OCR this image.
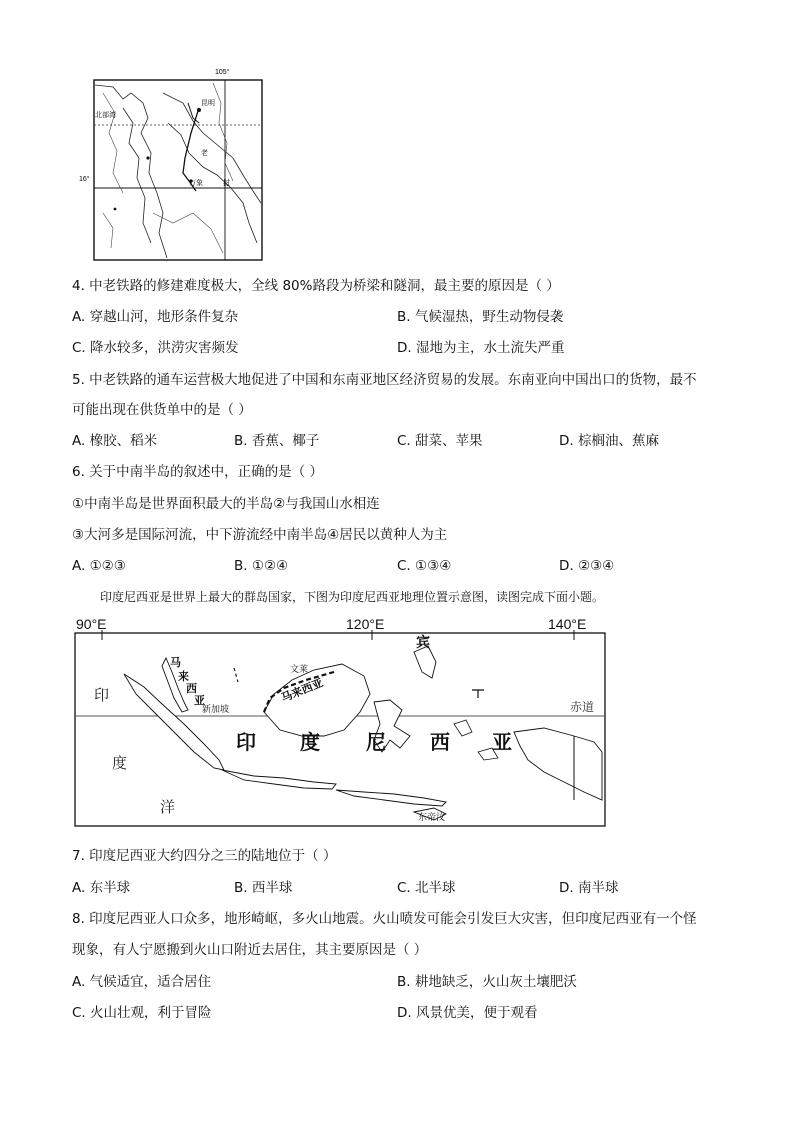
105°
16°
昆明
万象
老
挝
北部湾
4. 中老铁路的修建难度极大，全线 80%路段为桥梁和隧洞，最主要的原因是（ ）
A. 穿越山河，地形条件复杂	B. 气候湿热，野生动物侵袭
C. 降水较多，洪涝灾害频发	D. 湿地为主，水土流失严重
5. 中老铁路的通车运营极大地促进了中国和东南亚地区经济贸易的发展。东南亚向中国出口的货物，最不
可能出现在供货单中的是（ ）
A. 橡胶、稻米	B. 香蕉、椰子	C. 甜菜、苹果	D. 棕榈油、蕉麻
6. 关于中南半岛的叙述中，正确的是（ ）
①中南半岛是世界面积最大的半岛②与我国山水相连
③大河多是国际河流，中下游流经中南半岛④居民以黄种人为主
A. ①②③	B. ①②④	C. ①③④	D. ②③④
印度尼西亚是世界上最大的群岛国家，下图为印度尼西亚地理位置示意图，读图完成下面小题。
90°E	120°E	140°E
印
度
洋
赤道
印 度 尼 西 亚
马
来
西
亚
新加坡
文莱
马来西亚
宾
东帝汶
7. 印度尼西亚大约四分之三的陆地位于（ ）
A. 东半球	B. 西半球	C. 北半球	D. 南半球
8. 印度尼西亚人口众多，地形崎岖，多火山地震。火山喷发可能会引发巨大灾害，但印度尼西亚有一个怪
现象，有人宁愿搬到火山口附近去居住，其主要原因是（ ）
A. 气候适宜，适合居住	B. 耕地缺乏，火山灰土壤肥沃
C. 火山壮观，利于冒险	D. 风景优美，便于观看
